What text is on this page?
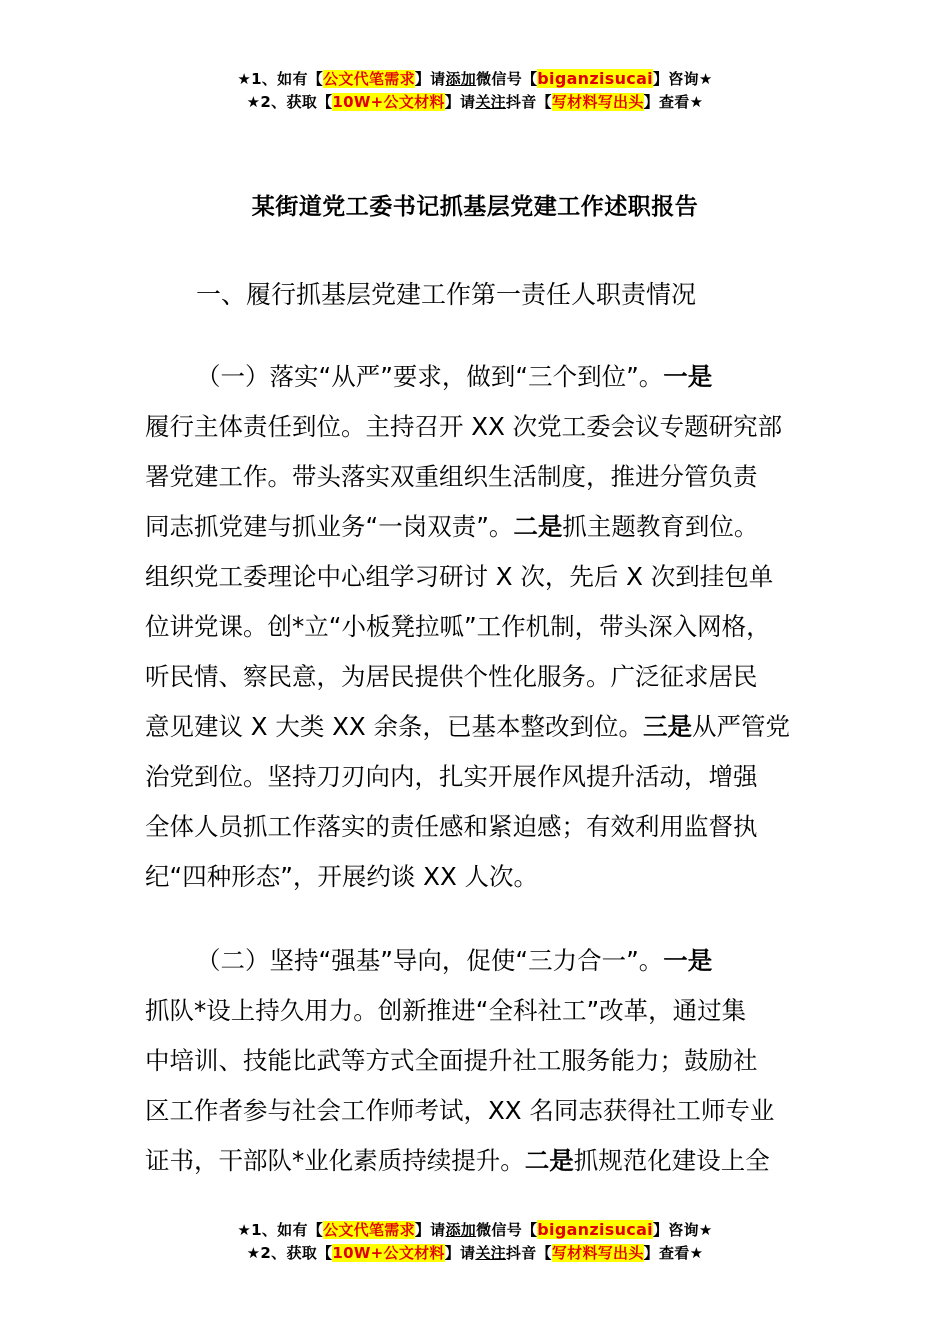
★1、如有【公文代笔需求】请添加微信号【biganzisucai】咨询★
★2、获取【10W+公文材料】请关注抖音【写材料写出头】查看★
某街道党工委书记抓基层党建工作述职报告
一、履行抓基层党建工作第一责任人职责情况
（一）落实“从严”要求，做到“三个到位”。一是
履行主体责任到位。主持召开 XX 次党工委会议专题研究部
署党建工作。带头落实双重组织生活制度，推进分管负责
同志抓党建与抓业务“一岗双责”。二是抓主题教育到位。
组织党工委理论中心组学习研讨 X 次，先后 X 次到挂包单
位讲党课。创*立“小板凳拉呱”工作机制，带头深入网格，
听民情、察民意，为居民提供个性化服务。广泛征求居民
意见建议 X 大类 XX 余条，已基本整改到位。三是从严管党
治党到位。坚持刀刃向内，扎实开展作风提升活动，增强
全体人员抓工作落实的责任感和紧迫感；有效利用监督执
纪“四种形态”，开展约谈 XX 人次。
（二）坚持“强基”导向，促使“三力合一”。一是
抓队*设上持久用力。创新推进“全科社工”改革，通过集
中培训、技能比武等方式全面提升社工服务能力；鼓励社
区工作者参与社会工作师考试，XX 名同志获得社工师专业
证书，干部队*业化素质持续提升。二是抓规范化建设上全
★1、如有【公文代笔需求】请添加微信号【biganzisucai】咨询★
★2、获取【10W+公文材料】请关注抖音【写材料写出头】查看★
